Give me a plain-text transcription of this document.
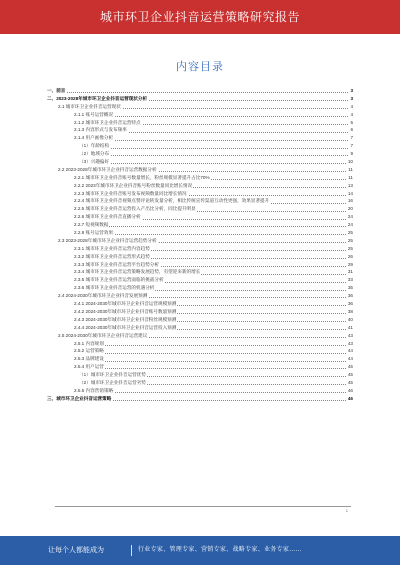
城市环卫企业抖音运营策略研究报告
内容目录
一、前言	3
二、2023-2028年城市环卫企业抖音运营现状分析	3
2.1 城市环卫企业抖音运营现状	4
2.1.1 账号运营概况	4
2.1.2 城市环卫企业抖音运营特点	5
2.1.3 内容形式与发布频率	6
2.1.4 用户画像分析	7
（1）年龄结构	7
（2）地域分布	9
（3）兴趣偏好	10
2.2 2023-2028年城市环卫企业抖音运营数据分析	11
2.2.1 城市环卫企业抖音账号数量增长，粉丝规模显著提升占比70%	11
2.2.2 2023年城市环卫企业抖音账号粉丝数量同比增长情况	13
2.2.3 城市环卫企业抖音账号发布视频数量同比增长情况	14
2.2.4 城市环卫企业抖音视频点赞评论转发量分析，相比传统宣传渠道互动性更强，效果显著提升	16
2.2.5 城市环卫企业抖音运营投入产出比分析，同比提升明显	20
2.2.6 城市环卫企业抖音直播分析	24
2.2.7 短视频数据	24
2.2.8 账号运营效果	25
2.3 2023-2028年城市环卫企业抖音运营趋势分析	25
2.3.1 城市环卫企业抖音运营内容趋势	25
2.3.2 城市环卫企业抖音运营形式趋势	26
2.3.3 城市环卫企业抖音运营平台趋势分析	29
2.3.4 城市环卫企业抖音运营策略发展趋势，有望迎来新的增长	31
2.3.5 城市环卫企业抖音运营面临的挑战分析	33
2.3.6 城市环卫企业抖音运营的机遇分析	35
2.4 2024-2030年城市环卫企业抖音发展预测	36
2.4.1 2024-2030年城市环卫企业抖音运营规模预测	36
2.4.2 2024-2030年城市环卫企业抖音账号数量预测	38
2.4.3 2024-2030年城市环卫企业抖音粉丝规模预测	40
2.4.4 2024-2030年城市环卫企业抖音运营投入预测	41
2.5 2024-2030年城市环卫企业抖音运营建议	43
2.5.1 内容规划	43
2.5.2 运营策略	44
2.5.3 品牌建设	44
2.5.4 用户运营	45
（1）城市环卫企业抖音运营优势	45
（2）城市环卫企业抖音运营劣势	45
2.5.5 内容营销策略	46
三、城市环卫企业抖音运营策略	46
1
让每个人都能成为	行业专家、管理专家、营销专家、战略专家、业务专家……
